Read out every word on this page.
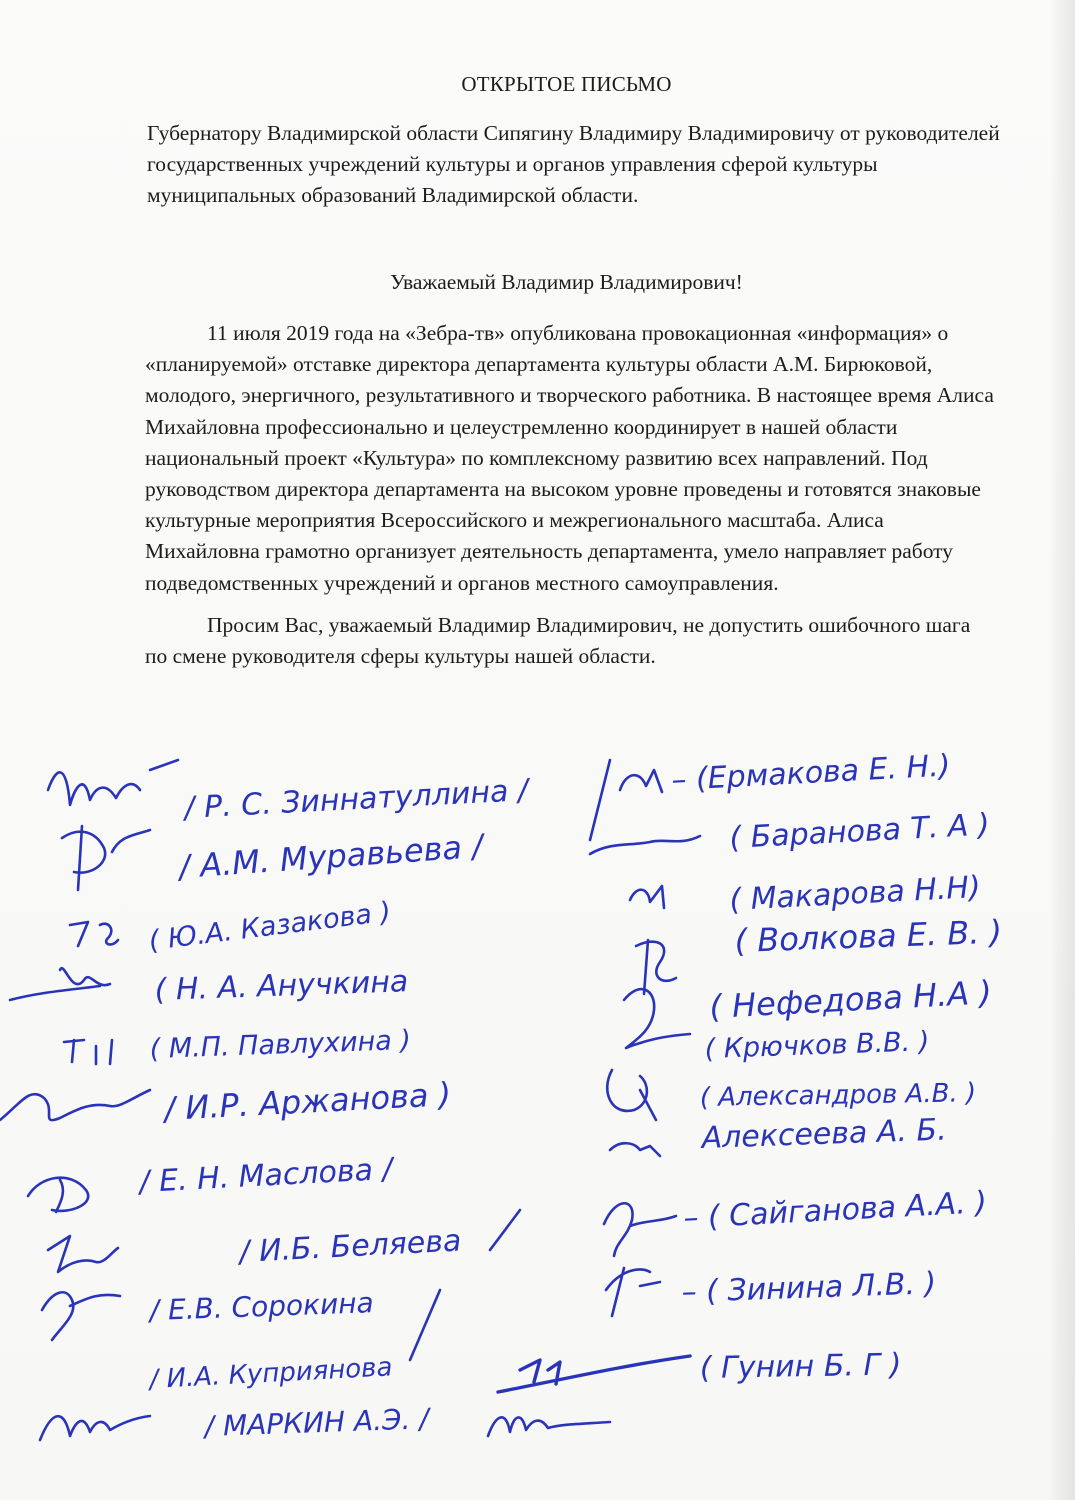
ОТКРЫТОЕ ПИСЬМО
Губернатору Владимирской области Сипягину Владимиру Владимировичу от руководителей государственных учреждений культуры и органов управления сферой культуры муниципальных образований Владимирской области.
Уважаемый Владимир Владимирович!

11 июля 2019 года на «Зебра-тв» опубликована провокационная «информация» о «планируемой» отставке директора департамента культуры области А.М. Бирюковой, молодого, энергичного, результативного и творческого работника. В настоящее время Алиса Михайловна профессионально и целеустремленно координирует в нашей области национальный проект «Культура» по комплексному развитию всех направлений. Под руководством директора департамента на высоком уровне проведены и готовятся знаковые культурные мероприятия Всероссийского и межрегионального масштаба. Алиса Михайловна грамотно организует деятельность департамента, умело направляет работу подведомственных учреждений и органов местного самоуправления.

Просим Вас, уважаемый Владимир Владимирович, не допустить ошибочного шага по смене руководителя сферы культуры нашей области.

/ Р. С. Зиннатуллина /
/ А.М. Муравьева /
( Ю.А. Казакова )
( Н. А. Анучкина
( М.П. Павлухина )
/ И.Р. Аржанова )
/ Е. Н. Маслова /
/ И.Б. Беляева
/ Е.В. Сорокина
/ И.А. Куприянова
/ МАРКИН А.Э. /
– (Ермакова Е. Н.)
( Баранова Т. А )
( Макарова Н.Н)
( Волкова Е. В. )
( Нефедова Н.А )
( Крючков В.В. )
( Александров А.В. )
Алексеева А. Б.
– ( Сайганова А.А. )
– ( Зинина Л.В. )
( Гунин Б. Г )
